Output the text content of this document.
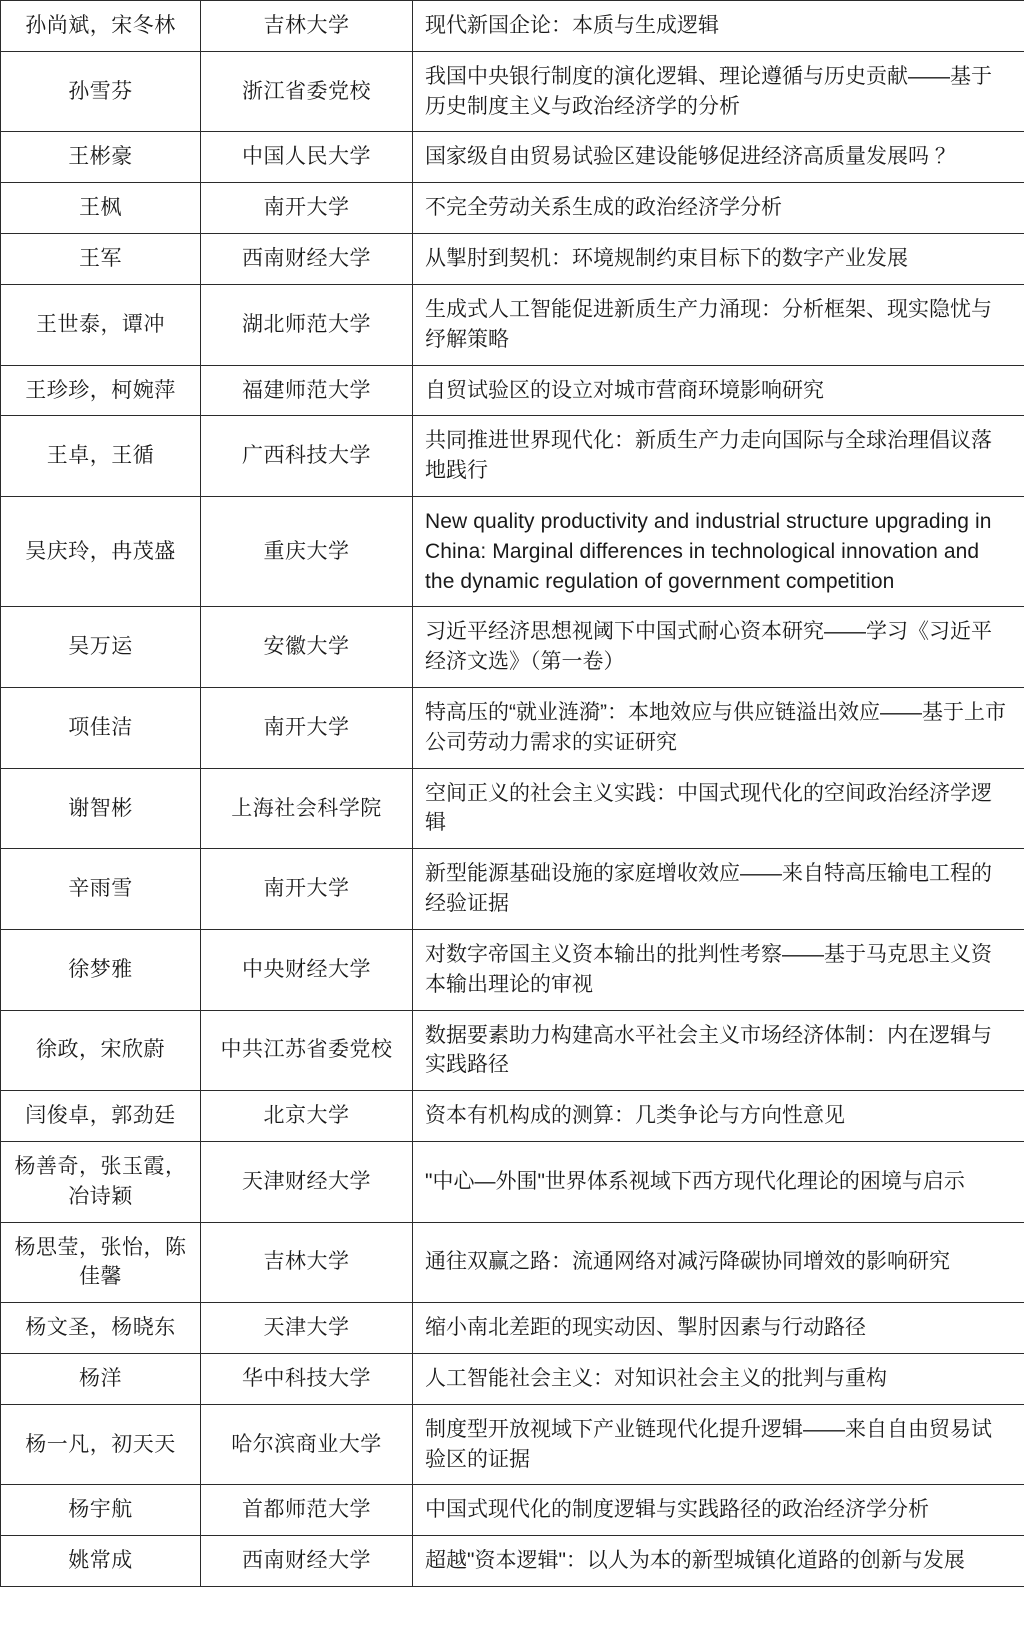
孙尚斌，宋冬林	吉林大学	现代新国企论：本质与生成逻辑
孙雪芬	浙江省委党校	我国中央银行制度的演化逻辑、理论遵循与历史贡献——基于历史制度主义与政治经济学的分析
王彬豪	中国人民大学	国家级自由贸易试验区建设能够促进经济高质量发展吗 ？
王枫	南开大学	不完全劳动关系生成的政治经济学分析
王军	西南财经大学	从掣肘到契机：环境规制约束目标下的数字产业发展
王世泰，谭冲	湖北师范大学	生成式人工智能促进新质生产力涌现：分析框架、现实隐忧与纾解策略
王珍珍，柯婉萍	福建师范大学	自贸试验区的设立对城市营商环境影响研究
王卓，王循	广西科技大学	共同推进世界现代化：新质生产力走向国际与全球治理倡议落地践行
吴庆玲，冉茂盛	重庆大学	New quality productivity and industrial structure upgrading in China: Marginal differences in technological innovation and the dynamic regulation of government competition
吴万运	安徽大学	习近平经济思想视阈下中国式耐心资本研究——学习《习近平经济文选》（第一卷）
项佳洁	南开大学	特高压的“就业涟漪”：本地效应与供应链溢出效应——基于上市公司劳动力需求的实证研究
谢智彬	上海社会科学院	空间正义的社会主义实践：中国式现代化的空间政治经济学逻辑
辛雨雪	南开大学	新型能源基础设施的家庭增收效应——来自特高压输电工程的经验证据
徐梦雅	中央财经大学	对数字帝国主义资本输出的批判性考察——基于马克思主义资本输出理论的审视
徐政，宋欣蔚	中共江苏省委党校	数据要素助力构建高水平社会主义市场经济体制：内在逻辑与实践路径
闫俊卓，郭劲廷	北京大学	资本有机构成的测算：几类争论与方向性意见
杨善奇，张玉霞，冶诗颖	天津财经大学	"中心—外围"世界体系视域下西方现代化理论的困境与启示
杨思莹，张怡，陈佳馨	吉林大学	通往双赢之路：流通网络对减污降碳协同增效的影响研究
杨文圣，杨晓东	天津大学	缩小南北差距的现实动因、掣肘因素与行动路径
杨洋	华中科技大学	人工智能社会主义：对知识社会主义的批判与重构
杨一凡，初天天	哈尔滨商业大学	制度型开放视域下产业链现代化提升逻辑——来自自由贸易试验区的证据
杨宇航	首都师范大学	中国式现代化的制度逻辑与实践路径的政治经济学分析
姚常成	西南财经大学	超越"资本逻辑"：以人为本的新型城镇化道路的创新与发展
